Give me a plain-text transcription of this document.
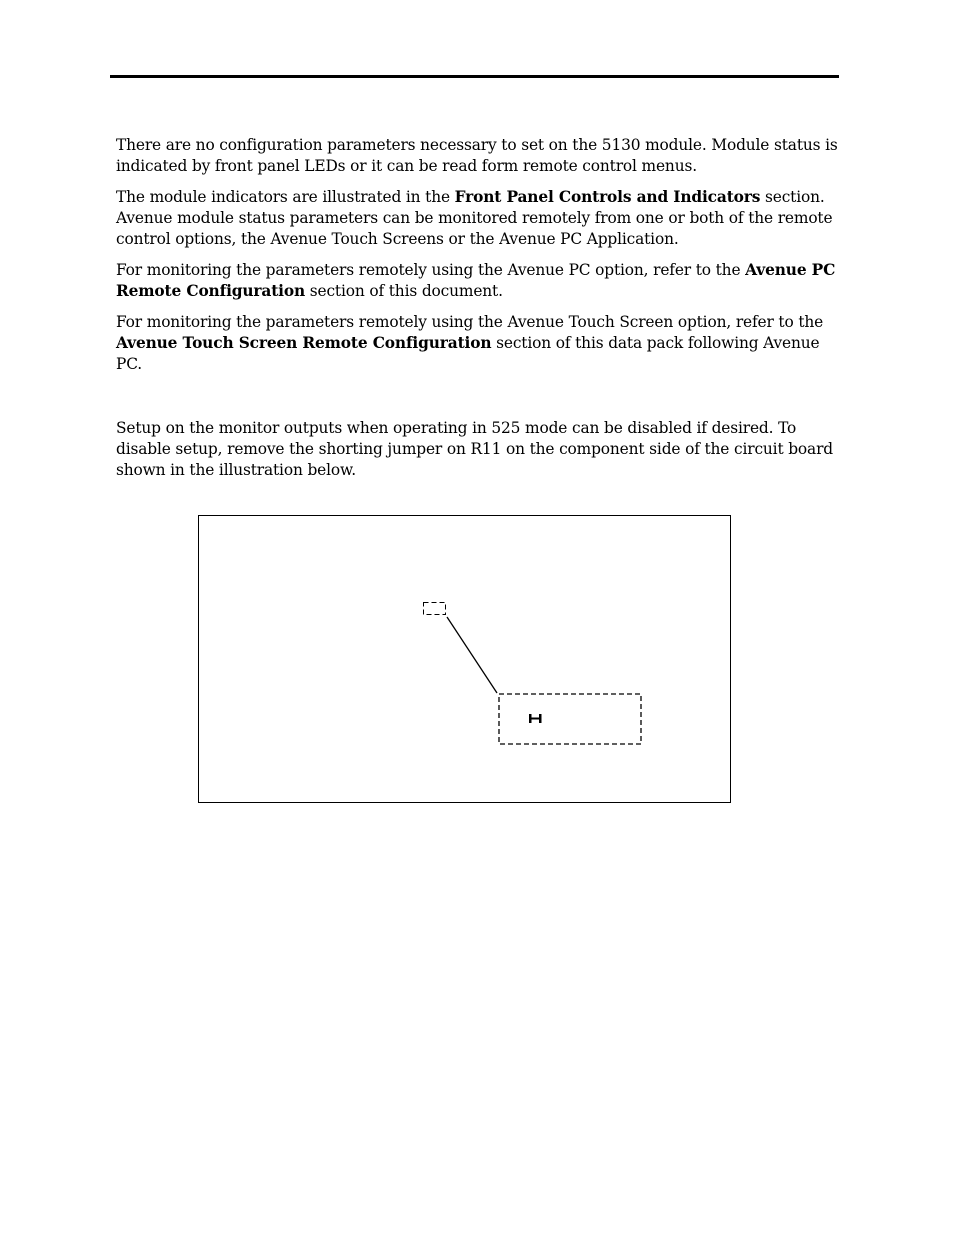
There are no configuration parameters necessary to set on the 5130 module. Module status is indicated by front panel LEDs or it can be read form remote control menus.

The module indicators are illustrated in the Front Panel Controls and Indicators section. Avenue module status parameters can be monitored remotely from one or both of the remote control options, the Avenue Touch Screens or the Avenue PC Application.

For monitoring the parameters remotely using the Avenue PC option, refer to the Avenue PC Remote Configuration section of this document.

For monitoring the parameters remotely using the Avenue Touch Screen option, refer to the  Avenue Touch Screen Remote Configuration section of this data pack following Avenue PC.

Setup on the monitor outputs when operating in 525 mode can be disabled if desired. To disable setup, remove the shorting jumper on R11 on the component side of the circuit board shown in the illustration below.
